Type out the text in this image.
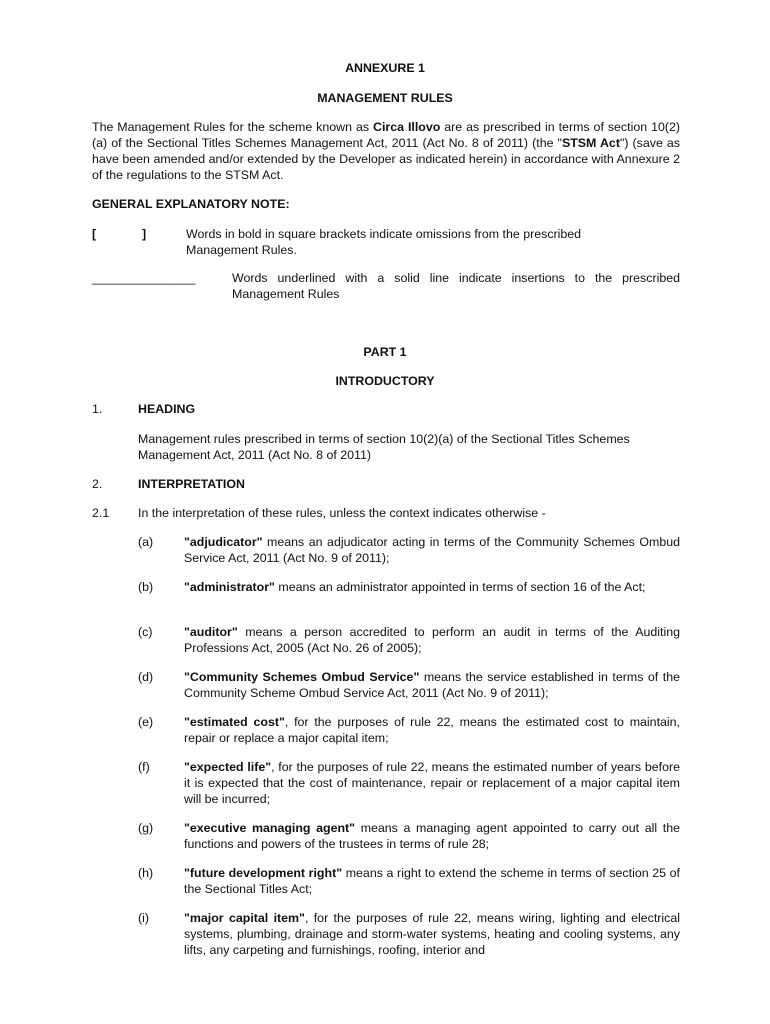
ANNEXURE 1
MANAGEMENT RULES
The Management Rules for the scheme known as Circa Illovo are as prescribed in terms of section 10(2)(a) of the Sectional Titles Schemes Management Act, 2011 (Act No. 8 of 2011) (the "STSM Act") (save as have been amended and/or extended by the Developer as indicated herein) in accordance with Annexure 2 of the regulations to the STSM Act.
GENERAL EXPLANATORY NOTE:
[	]	Words in bold in square brackets indicate omissions from the prescribed Management Rules.
_______________	Words underlined with a solid line indicate insertions to the prescribed Management Rules
PART 1
INTRODUCTORY
1.	HEADING
Management rules prescribed in terms of section 10(2)(a) of the Sectional Titles Schemes Management Act, 2011 (Act No. 8 of 2011)
2.	INTERPRETATION
2.1 In the interpretation of these rules, unless the context indicates otherwise -
(a) "adjudicator" means an adjudicator acting in terms of the Community Schemes Ombud Service Act, 2011 (Act No. 9 of 2011);
(b) "administrator" means an administrator appointed in terms of section 16 of the Act;
(c)	"auditor" means a person accredited to perform an audit in terms of the Auditing Professions Act, 2005 (Act No. 26 of 2005);
(d) "Community Schemes Ombud Service" means the service established in terms of the Community Scheme Ombud Service Act, 2011 (Act No. 9 of 2011);
(e) "estimated cost", for the purposes of rule 22, means the estimated cost to maintain, repair or replace a major capital item;
(f)	"expected life", for the purposes of rule 22, means the estimated number of years before it is expected that the cost of maintenance, repair or replacement of a major capital item will be incurred;
(g) "executive managing agent" means a managing agent appointed to carry out all the functions and powers of the trustees in terms of rule 28;
(h) "future development right" means a right to extend the scheme in terms of section 25 of the Sectional Titles Act;
(i)	"major capital item", for the purposes of rule 22, means wiring, lighting and electrical systems, plumbing, drainage and storm-water systems, heating and cooling systems, any lifts, any carpeting and furnishings, roofing, interior and
